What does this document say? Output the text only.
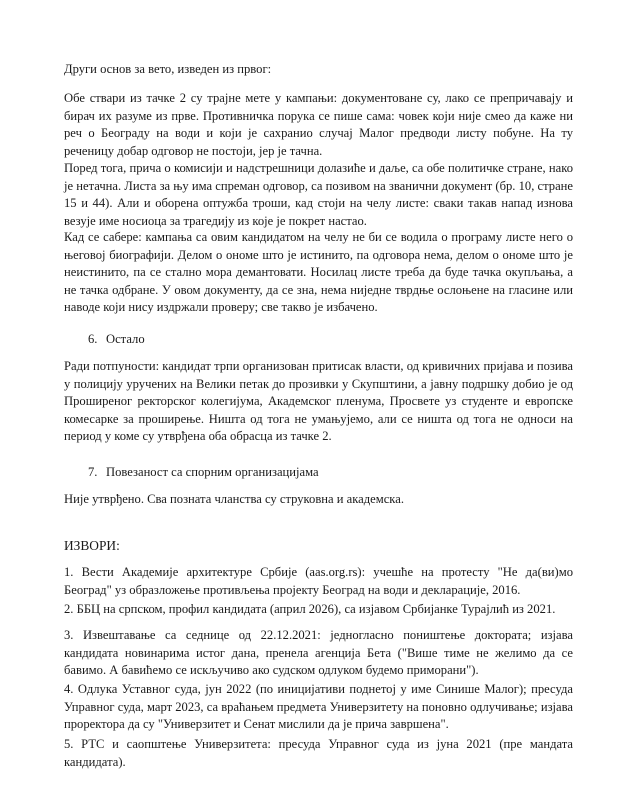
Други основ за вето, изведен из првог:

Обе ствари из тачке 2 су трајне мете у кампањи: документоване су, лако се препричавају и бирач их разуме из прве. Противничка порука се пише сама: човек који није смео да каже ни реч о Београду на води и који је сахранио случај Малог предводи листу побуне. На ту реченицу добар одговор не постоји, јер је тачна.

Поред тога, прича о комисији и надстрешници долазиће и даље, са обе политичке стране, нако је нетачна. Листа за њу има спреман одговор, са позивом на званични документ (бр. 10, стране 15 и 44). Али и оборена оптужба троши, кад стоји на челу листе: сваки такав напад изнова везује име носиоца за трагедију из које је покрет настао.

Кад се сабере: кампања са овим кандидатом на челу не би се водила о програму листе него о његовој биографији. Делом о ономе што је истинито, па одговора нема, делом о ономе што је неистинито, па се стално мора демантовати. Носилац листе треба да буде тачка окупљања, а не тачка одбране. У овом документу, да се зна, нема ниједне тврдње ослоњене на гласине или наводе који нису издржали проверу; све такво је избачено.

6. Остало

Ради потпуности: кандидат трпи организован притисак власти, од кривичних пријава и позива у полицију уручених на Велики петак до прозивки у Скупштини, а јавну подршку добио је од Проширеног ректорског колегијума, Академског пленума, Просвете уз студенте и европске комесарке за проширење. Ништа од тога не умањујемо, али се ништа од тога не односи на период у коме су утврђена оба обрасца из тачке 2.

7. Повезаност са спорним организацијама

Није утврђено. Сва позната чланства су струковна и академска.

ИЗВОРИ:

1. Вести Академије архитектуре Србије (aas.org.rs): учешће на протесту "Не да(ви)мо Београд" уз образложење противљења пројекту Београд на води и декларације, 2016.

2. ББЦ на српском, профил кандидата (април 2026), са изјавом Србијанке Турајлић из 2021.

3. Извештавање са седнице од 22.12.2021: једногласно поништење доктората; изјава кандидата новинарима истог дана, пренела агенција Бета ("Више тиме не желимо да се бавимо. А бавићемо се искључиво ако судском одлуком будемо приморани").

4. Одлука Уставног суда, јун 2022 (по иницијативи поднетој у име Синише Малог); пресуда Управног суда, март 2023, са враћањем предмета Универзитету на поновно одлучивање; изјава проректора да су "Универзитет и Сенат мислили да је прича завршена".

5. РТС и саопштење Универзитета: пресуда Управног суда из јуна 2021 (пре мандата кандидата).
